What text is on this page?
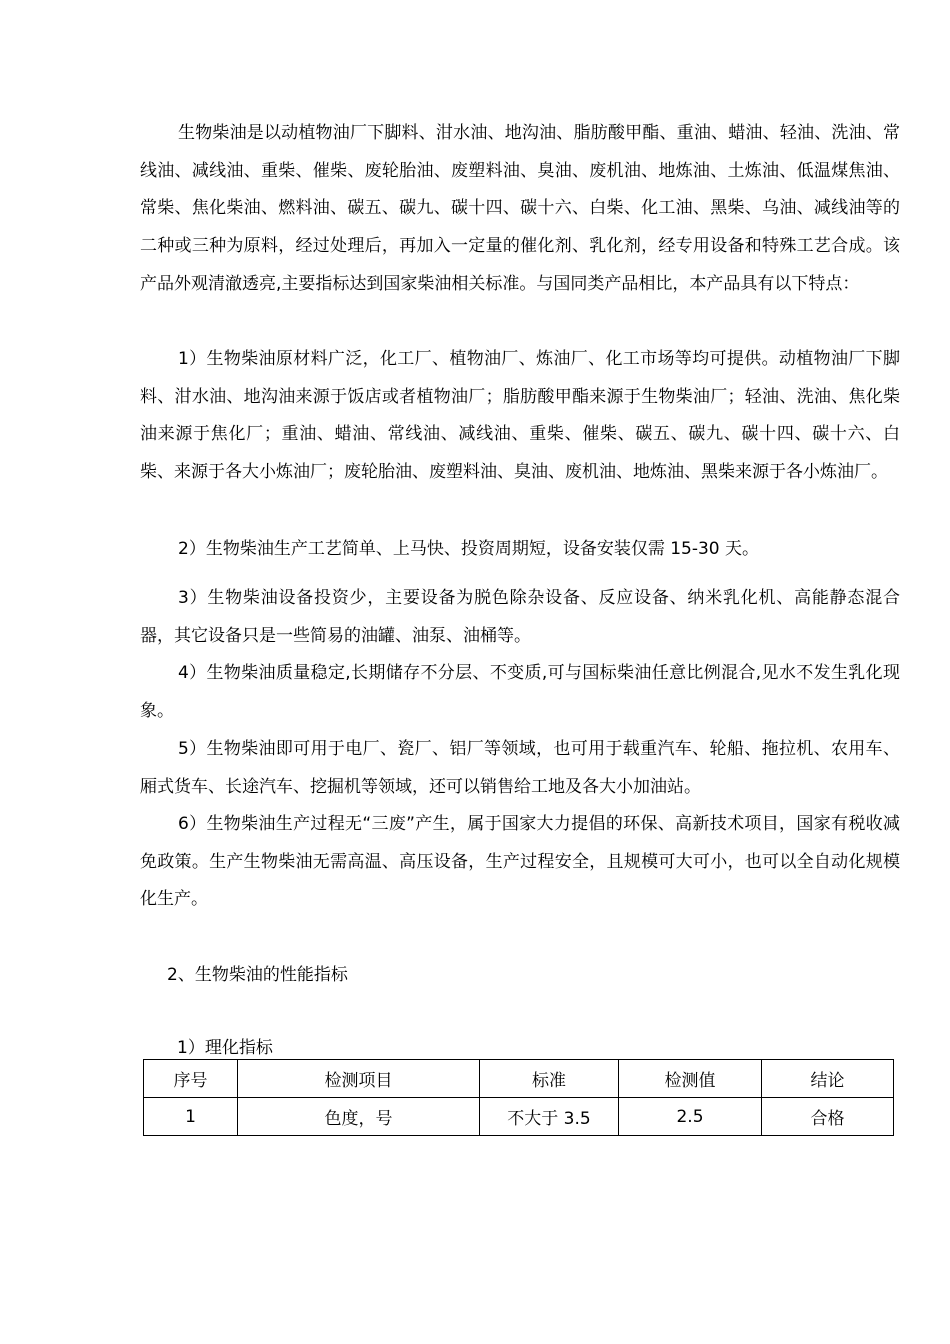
生物柴油是以动植物油厂下脚料、泔水油、地沟油、脂肪酸甲酯、重油、蜡油、轻油、洗油、常线油、减线油、重柴、催柴、废轮胎油、废塑料油、臭油、废机油、地炼油、土炼油、低温煤焦油、常柴、焦化柴油、燃料油、碳五、碳九、碳十四、碳十六、白柴、化工油、黑柴、乌油、减线油等的二种或三种为原料，经过处理后，再加入一定量的催化剂、乳化剂，经专用设备和特殊工艺合成。该产品外观清澈透亮,主要指标达到国家柴油相关标准。与国同类产品相比，本产品具有以下特点：

1）生物柴油原材料广泛，化工厂、植物油厂、炼油厂、化工市场等均可提供。动植物油厂下脚料、泔水油、地沟油来源于饭店或者植物油厂；脂肪酸甲酯来源于生物柴油厂；轻油、洗油、焦化柴油来源于焦化厂；重油、蜡油、常线油、减线油、重柴、催柴、碳五、碳九、碳十四、碳十六、白柴、来源于各大小炼油厂；废轮胎油、废塑料油、臭油、废机油、地炼油、黑柴来源于各小炼油厂。

2）生物柴油生产工艺简单、上马快、投资周期短，设备安装仅需 15-30 天。

3）生物柴油设备投资少，主要设备为脱色除杂设备、反应设备、纳米乳化机、高能静态混合器，其它设备只是一些简易的油罐、油泵、油桶等。

4）生物柴油质量稳定,长期储存不分层、不变质,可与国标柴油任意比例混合,见水不发生乳化现象。

5）生物柴油即可用于电厂、瓷厂、铝厂等领域，也可用于载重汽车、轮船、拖拉机、农用车、厢式货车、长途汽车、挖掘机等领域，还可以销售给工地及各大小加油站。

6）生物柴油生产过程无“三废”产生，属于国家大力提倡的环保、高新技术项目，国家有税收减免政策。生产生物柴油无需高温、高压设备，生产过程安全，且规模可大可小，也可以全自动化规模化生产。

2、生物柴油的性能指标

1）理化指标

序号	检测项目	标准	检测值	结论
1	色度，号	不大于 3.5	2.5	合格
